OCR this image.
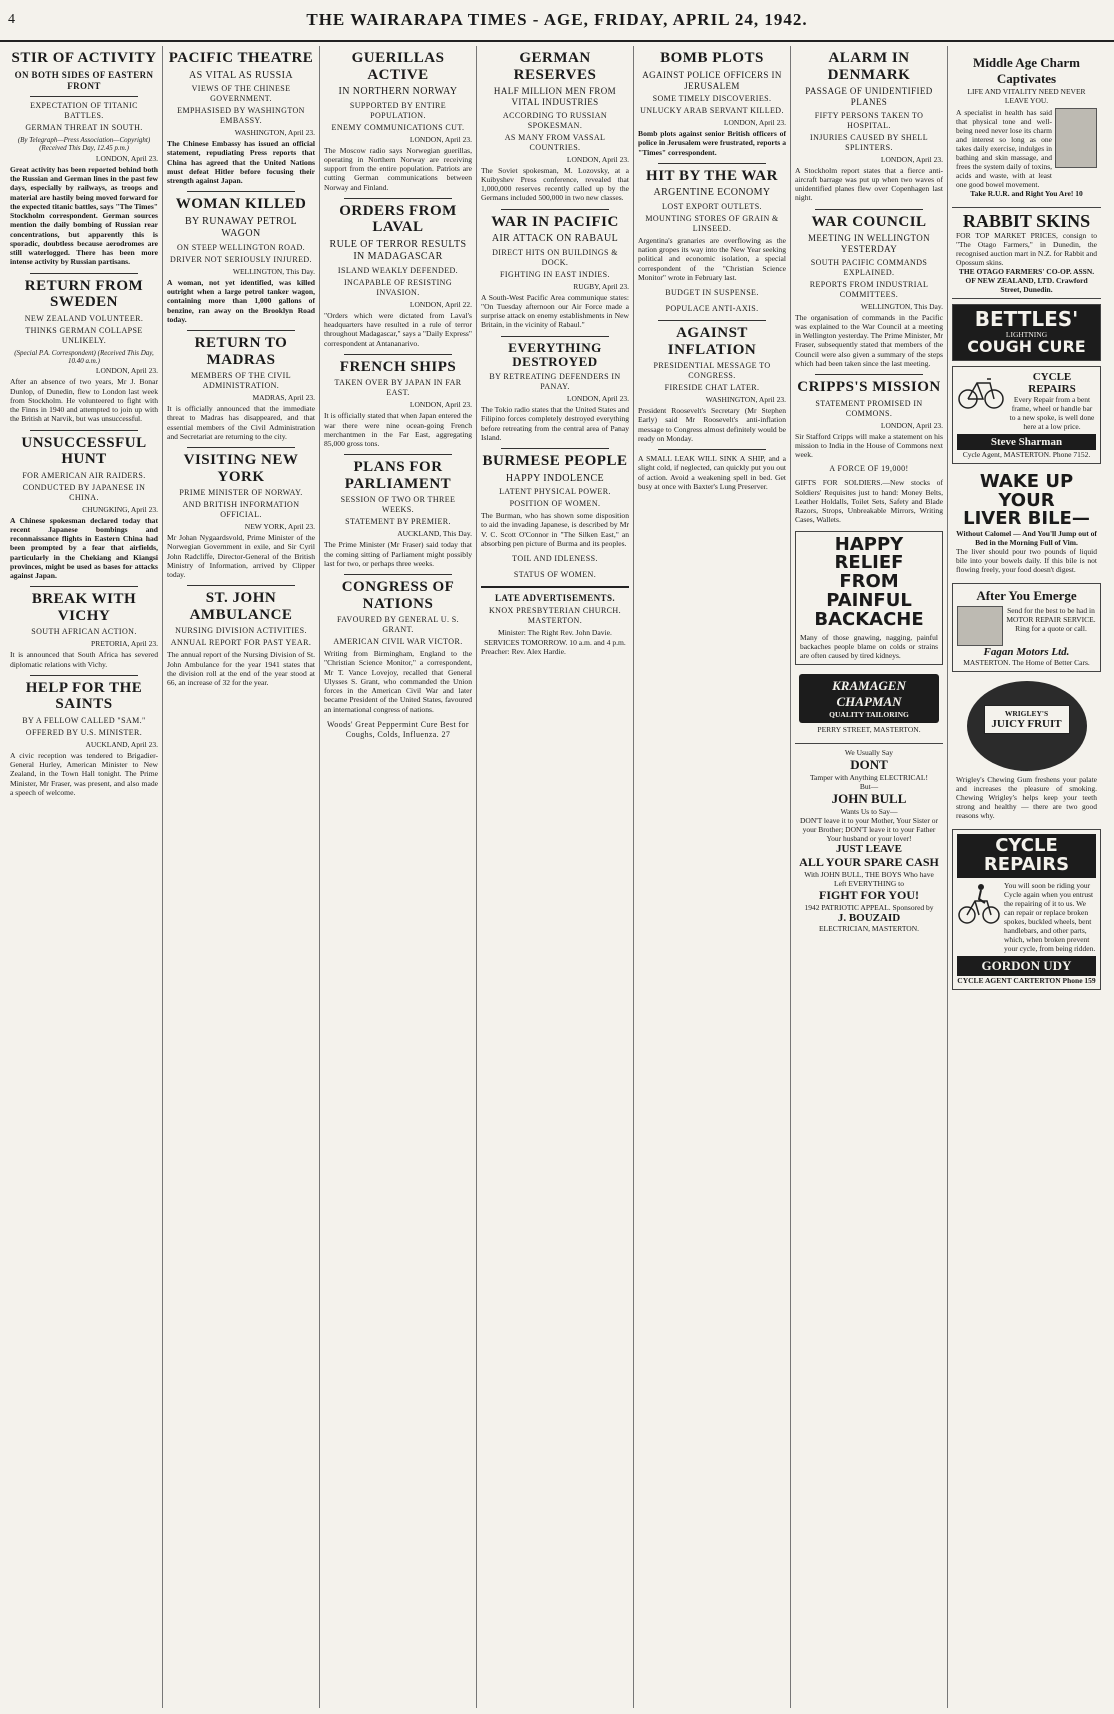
4	THE WAIRARAPA TIMES - AGE, FRIDAY, APRIL 24, 1942.
STIR OF ACTIVITY
ON BOTH SIDES OF EASTERN FRONT
EXPECTATION OF TITANIC BATTLES.
GERMAN THREAT IN SOUTH.
(By Telegraph—Press Association—Copyright) (Received This Day, 12.45 p.m.)
LONDON, April 23.
Great activity has been reported behind both the Russian and German lines in the past few days, especially by railways, as troops and material are hastily being moved forward for the expected titanic battles, says "The Times" Stockholm correspondent. German sources mention the daily bombing of Russian rear concentrations, but apparently this is sporadic, doubtless because aerodromes are still waterlogged. There has been more intense activity by Russian partisans.
RETURN FROM SWEDEN
NEW ZEALAND VOLUNTEER.
THINKS GERMAN COLLAPSE UNLIKELY.
(Special P.A. Correspondent) (Received This Day, 10.40 a.m.)
LONDON, April 23.
After an absence of two years, Mr J. Bonar Dunlop, of Dunedin, flew to London last week from Stockholm. He volunteered to fight with the Finns in 1940 and attempted to join up with the British at Narvik, but was unsuccessful.
UNSUCCESSFUL HUNT
FOR AMERICAN AIR RAIDERS.
CONDUCTED BY JAPANESE IN CHINA.
CHUNGKING, April 23.
A Chinese spokesman declared today that recent Japanese bombings and reconnaissance flights in Eastern China had been prompted by a fear that airfields, particularly in the Chekiang and Kiangsi provinces, might be used as bases for attacks against Japan.
BREAK WITH VICHY
SOUTH AFRICAN ACTION.
PRETORIA, April 23.
It is announced that South Africa has severed diplomatic relations with Vichy.
HELP FOR THE SAINTS
BY A FELLOW CALLED "SAM."
OFFERED BY U.S. MINISTER.
AUCKLAND, April 23.
A civic reception was tendered to Brigadier-General Hurley, American Minister to New Zealand, in the Town Hall tonight. The Prime Minister, Mr Fraser, was present, and also made a speech of welcome.
PACIFIC THEATRE
AS VITAL AS RUSSIA
VIEWS OF THE CHINESE GOVERNMENT.
EMPHASISED BY WASHINGTON EMBASSY.
WASHINGTON, April 23.
The Chinese Embassy has issued an official statement, repudiating Press reports that China has agreed that the United Nations must defeat Hitler before focusing their strength against Japan.
WOMAN KILLED
BY RUNAWAY PETROL WAGON
ON STEEP WELLINGTON ROAD.
DRIVER NOT SERIOUSLY INJURED.
WELLINGTON, This Day.
A woman, not yet identified, was killed outright when a large petrol tanker wagon, containing more than 1,000 gallons of benzine, ran away on the Brooklyn Road today.
RETURN TO MADRAS
MEMBERS OF THE CIVIL ADMINISTRATION.
MADRAS, April 23.
It is officially announced that the immediate threat to Madras has disappeared, and that essential members of the Civil Administration and Secretariat are returning to the city.
VISITING NEW YORK
PRIME MINISTER OF NORWAY.
AND BRITISH INFORMATION OFFICIAL.
NEW YORK, April 23.
Mr Johan Nygaardsvold, Prime Minister of the Norwegian Government in exile, and Sir Cyril John Radcliffe, Director-General of the British Ministry of Information, arrived by Clipper today.
ST. JOHN AMBULANCE
NURSING DIVISION ACTIVITIES.
ANNUAL REPORT FOR PAST YEAR.
The annual report of the Nursing Division of St. John Ambulance for the year 1941 states that the division roll at the end of the year stood at 66, an increase of 32 for the year.
GUERILLAS ACTIVE
IN NORTHERN NORWAY
SUPPORTED BY ENTIRE POPULATION.
ENEMY COMMUNICATIONS CUT.
LONDON, April 23.
The Moscow radio says Norwegian guerillas, operating in Northern Norway are receiving support from the entire population. Patriots are cutting German communications between Norway and Finland.
ORDERS FROM LAVAL
RULE OF TERROR RESULTS IN MADAGASCAR
ISLAND WEAKLY DEFENDED.
INCAPABLE OF RESISTING INVASION.
LONDON, April 22.
"Orders which were dictated from Laval's headquarters have resulted in a rule of terror throughout Madagascar," says a "Daily Express" correspondent at Antananarivo.
FRENCH SHIPS
TAKEN OVER BY JAPAN IN FAR EAST.
LONDON, April 23.
It is officially stated that when Japan entered the war there were nine ocean-going French merchantmen in the Far East, aggregating 85,000 gross tons.
PLANS FOR PARLIAMENT
SESSION OF TWO OR THREE WEEKS.
STATEMENT BY PREMIER.
AUCKLAND, This Day.
The Prime Minister (Mr Fraser) said today that the coming sitting of Parliament might possibly last for two, or perhaps three weeks.
CONGRESS OF NATIONS
FAVOURED BY GENERAL U. S. GRANT.
AMERICAN CIVIL WAR VICTOR.
Writing from Birmingham, England to the "Christian Science Monitor," a correspondent, Mr T. Vance Lovejoy, recalled that General Ulysses S. Grant, who commanded the Union forces in the American Civil War and later became President of the United States, favoured an international congress of nations.
Woods' Great Peppermint Cure Best for Coughs, Colds, Influenza. 27
GERMAN RESERVES
HALF MILLION MEN FROM VITAL INDUSTRIES
ACCORDING TO RUSSIAN SPOKESMAN.
AS MANY FROM VASSAL COUNTRIES.
LONDON, April 23.
The Soviet spokesman, M. Lozovsky, at a Kuibyshev Press conference, revealed that 1,000,000 reserves recently called up by the Germans included 500,000 in two new classes.
WAR IN PACIFIC
AIR ATTACK ON RABAUL
DIRECT HITS ON BUILDINGS & DOCK.
FIGHTING IN EAST INDIES.
RUGBY, April 23.
A South-West Pacific Area communique states: "On Tuesday afternoon our Air Force made a surprise attack on enemy establishments in New Britain, in the vicinity of Rabaul."
EVERYTHING DESTROYED
BY RETREATING DEFENDERS IN PANAY.
LONDON, April 23.
The Tokio radio states that the United States and Filipino forces completely destroyed everything before retreating from the central area of Panay Island.
BURMESE PEOPLE
HAPPY INDOLENCE
LATENT PHYSICAL POWER.
POSITION OF WOMEN.
The Burman, who has shown some disposition to aid the invading Japanese, is described by Mr V. C. Scott O'Connor in "The Silken East," an absorbing pen picture of Burma and its peoples.
TOIL AND IDLENESS.
STATUS OF WOMEN.
LATE ADVERTISEMENTS.
KNOX PRESBYTERIAN CHURCH. MASTERTON.
Minister: The Right Rev. John Davie. SERVICES TOMORROW. 10 a.m. and 4 p.m.
Preacher: Rev. Alex Hardie.
BOMB PLOTS
AGAINST POLICE OFFICERS IN JERUSALEM
SOME TIMELY DISCOVERIES.
UNLUCKY ARAB SERVANT KILLED.
LONDON, April 23.
Bomb plots against senior British officers of police in Jerusalem were frustrated, reports a "Times" correspondent.
HIT BY THE WAR
ARGENTINE ECONOMY
LOST EXPORT OUTLETS.
MOUNTING STORES OF GRAIN & LINSEED.
Argentina's granaries are overflowing as the nation gropes its way into the New Year seeking political and economic isolation, a special correspondent of the "Christian Science Monitor" wrote in February last.
BUDGET IN SUSPENSE.
POPULACE ANTI-AXIS.
AGAINST INFLATION
PRESIDENTIAL MESSAGE TO CONGRESS.
FIRESIDE CHAT LATER.
WASHINGTON, April 23.
President Roosevelt's Secretary (Mr Stephen Early) said Mr Roosevelt's anti-inflation message to Congress almost definitely would be ready on Monday.
A SMALL LEAK WILL SINK A SHIP, and a slight cold, if neglected, can quickly put you out of action. Avoid a weakening spell in bed. Get busy at once with Baxter's Lung Preserver.
ALARM IN DENMARK
PASSAGE OF UNIDENTIFIED PLANES
FIFTY PERSONS TAKEN TO HOSPITAL.
INJURIES CAUSED BY SHELL SPLINTERS.
LONDON, April 23.
A Stockholm report states that a fierce anti-aircraft barrage was put up when two waves of unidentified planes flew over Copenhagen last night.
WAR COUNCIL
MEETING IN WELLINGTON YESTERDAY
SOUTH PACIFIC COMMANDS EXPLAINED.
REPORTS FROM INDUSTRIAL COMMITTEES.
WELLINGTON, This Day.
The organisation of commands in the Pacific was explained to the War Council at a meeting in Wellington yesterday. The Prime Minister, Mr Fraser, subsequently stated that members of the Council were also given a summary of the steps which had been taken since the last meeting.
CRIPPS'S MISSION
STATEMENT PROMISED IN COMMONS.
LONDON, April 23.
Sir Stafford Cripps will make a statement on his mission to India in the House of Commons next week.
A FORCE OF 19,000!
GIFTS FOR SOLDIERS.—New stocks of Soldiers' Requisites just to hand: Money Belts, Leather Holdalls, Toilet Sets, Safety and Blade Razors, Strops, Unbreakable Mirrors, Writing Cases, Wallets.
HAPPY RELIEF
FROM PAINFUL
BACKACHE
Many of those gnawing, nagging, painful backaches people blame on colds or strains are often caused by tired kidneys.
KRAMAGEN
CHAPMAN
QUALITY TAILORING
PERRY STREET, MASTERTON.
We Usually Say
DONT
Tamper with Anything ELECTRICAL!
But—
JOHN BULL
Wants Us to Say—
DON'T leave it to your Mother, Your Sister or your Brother; DON'T leave it to your Father Your husband or your lover!
JUST LEAVE
ALL YOUR SPARE CASH
With JOHN BULL, THE BOYS Who have Left EVERYTHING to
FIGHT FOR YOU!
1942 PATRIOTIC APPEAL. Sponsored by
J. BOUZAID
ELECTRICIAN, MASTERTON.
Middle Age Charm
Captivates
LIFE AND VITALITY NEED NEVER LEAVE YOU.
A specialist in health has said that physical tone and well-being need never lose its charm and interest so long as one takes daily exercise, indulges in bathing and skin massage, and frees the system daily of toxins, acids and waste, with at least one good bowel movement.
Take R.U.R. and Right You Are! 10
RABBIT SKINS
FOR TOP MARKET PRICES, consign to "The Otago Farmers," in Dunedin, the recognised auction mart in N.Z. for Rabbit and Opossum skins.
THE OTAGO FARMERS' CO-OP. ASSN. OF NEW ZEALAND, LTD. Crawford Street, Dunedin.
BETTLES'
LIGHTNING
COUGH CURE
CYCLE REPAIRS
Every Repair from a bent frame, wheel or handle bar to a new spoke, is well done here at a low price.
Steve Sharman
Cycle Agent, MASTERTON. Phone 7152.
WAKE UP YOUR
LIVER BILE—
Without Calomel — And You'll Jump out of Bed in the Morning Full of Vim.
The liver should pour two pounds of liquid bile into your bowels daily. If this bile is not flowing freely, your food doesn't digest.
After You Emerge
Send for the best to be had in MOTOR REPAIR SERVICE. Ring for a quote or call.
Fagan Motors Ltd.
MASTERTON. The Home of Better Cars.
WRIGLEY'S
JUICY FRUIT
Wrigley's Chewing Gum freshens your palate and increases the pleasure of smoking. Chewing Wrigley's helps keep your teeth strong and healthy — there are two good reasons why.
CYCLE
REPAIRS
You will soon be riding your Cycle again when you entrust the repairing of it to us. We can repair or replace broken spokes, buckled wheels, bent handlebars, and other parts, which, when broken prevent your cycle, from being ridden.
GORDON UDY
CYCLE AGENT CARTERTON Phone 159
